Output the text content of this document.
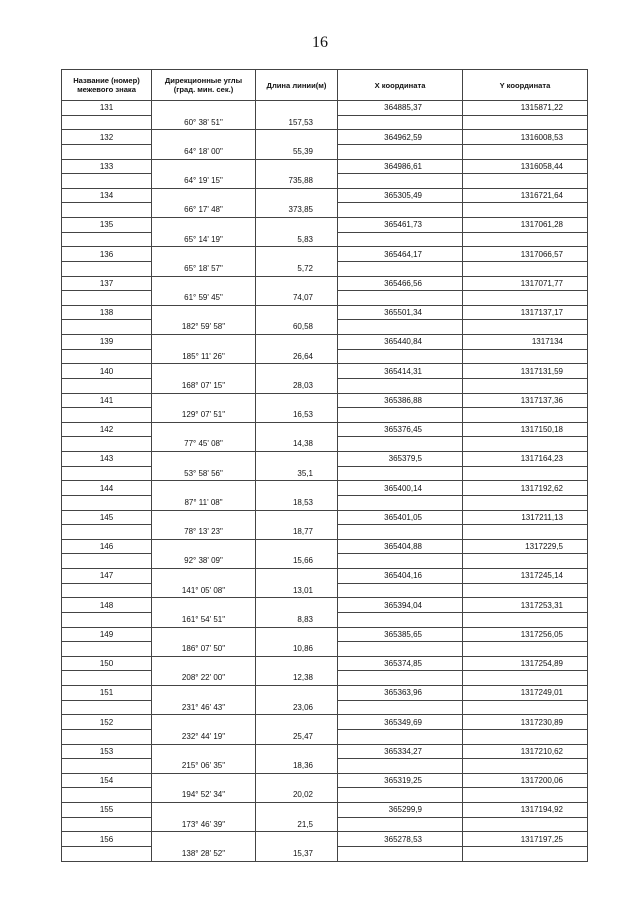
16
Название (номер) межевого знака	Дирекционные углы (град. мин. сек.)	Длина линии(м)	X координата	Y координата
131			364885,37	1315871,22
	60° 38' 51"	157,53		
132			364962,59	1316008,53
	64° 18' 00"	55,39		
133			364986,61	1316058,44
	64° 19' 15"	735,88		
134			365305,49	1316721,64
	66° 17' 48"	373,85		
135			365461,73	1317061,28
	65° 14' 19"	5,83		
136			365464,17	1317066,57
	65° 18' 57"	5,72		
137			365466,56	1317071,77
	61° 59' 45"	74,07		
138			365501,34	1317137,17
	182° 59' 58"	60,58		
139			365440,84	1317134
	185° 11' 26"	26,64		
140			365414,31	1317131,59
	168° 07' 15"	28,03		
141			365386,88	1317137,36
	129° 07' 51"	16,53		
142			365376,45	1317150,18
	77° 45' 08"	14,38		
143			365379,5	1317164,23
	53° 58' 56"	35,1		
144			365400,14	1317192,62
	87° 11' 08"	18,53		
145			365401,05	1317211,13
	78° 13' 23"	18,77		
146			365404,88	1317229,5
	92° 38' 09"	15,66		
147			365404,16	1317245,14
	141° 05' 08"	13,01		
148			365394,04	1317253,31
	161° 54' 51"	8,83		
149			365385,65	1317256,05
	186° 07' 50"	10,86		
150			365374,85	1317254,89
	208° 22' 00"	12,38		
151			365363,96	1317249,01
	231° 46' 43"	23,06		
152			365349,69	1317230,89
	232° 44' 19"	25,47		
153			365334,27	1317210,62
	215° 06' 35"	18,36		
154			365319,25	1317200,06
	194° 52' 34"	20,02		
155			365299,9	1317194,92
	173° 46' 39"	21,5		
156			365278,53	1317197,25
	138° 28' 52"	15,37		
